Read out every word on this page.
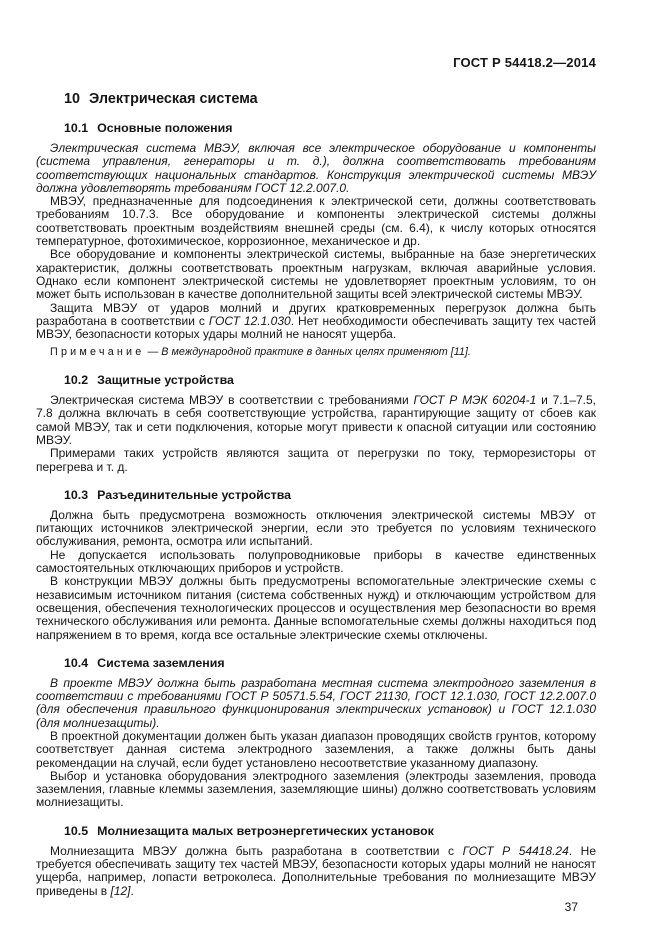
ГОСТ Р 54418.2—2014
10 Электрическая система
10.1 Основные положения

Электрическая система МВЭУ, включая все электрическое оборудование и компоненты (система управления, генераторы и т. д.), должна соответствовать требованиям соответствующих национальных стандартов. Конструкция электрической системы МВЭУ должна удовлетворять требованиям ГОСТ 12.2.007.0.

МВЭУ, предназначенные для подсоединения к электрической сети, должны соответствовать требованиям 10.7.3. Все оборудование и компоненты электрической системы должны соответствовать проектным воздействиям внешней среды (см. 6.4), к числу которых относятся температурное, фотохимическое, коррозионное, механическое и др.

Все оборудование и компоненты электрической системы, выбранные на базе энергетических характеристик, должны соответствовать проектным нагрузкам, включая аварийные условия. Однако если компонент электрической системы не удовлетворяет проектным условиям, то он может быть использован в качестве дополнительной защиты всей электрической системы МВЭУ.

Защита МВЭУ от ударов молний и других кратковременных перегрузок должна быть разработана в соответствии с ГОСТ 12.1.030. Нет необходимости обеспечивать защиту тех частей МВЭУ, безопасности которых удары молний не наносят ущерба.

Примечание — В международной практике в данных целях применяют [11].

10.2 Защитные устройства

Электрическая система МВЭУ в соответствии с требованиями ГОСТ Р МЭК 60204-1 и 7.1–7.5, 7.8 должна включать в себя соответствующие устройства, гарантирующие защиту от сбоев как самой МВЭУ, так и сети подключения, которые могут привести к опасной ситуации или состоянию МВЭУ.

Примерами таких устройств являются защита от перегрузки по току, терморезисторы от перегрева и т. д.

10.3 Разъединительные устройства

Должна быть предусмотрена возможность отключения электрической системы МВЭУ от питающих источников электрической энергии, если это требуется по условиям технического обслуживания, ремонта, осмотра или испытаний.

Не допускается использовать полупроводниковые приборы в качестве единственных самостоятельных отключающих приборов и устройств.

В конструкции МВЭУ должны быть предусмотрены вспомогательные электрические схемы с независимым источником питания (система собственных нужд) и отключающим устройством для освещения, обеспечения технологических процессов и осуществления мер безопасности во время технического обслуживания или ремонта. Данные вспомогательные схемы должны находиться под напряжением в то время, когда все остальные электрические схемы отключены.

10.4 Система заземления

В проекте МВЭУ должна быть разработана местная система электродного заземления в соответствии с требованиями ГОСТ Р 50571.5.54, ГОСТ 21130, ГОСТ 12.1.030, ГОСТ 12.2.007.0 (для обеспечения правильного функционирования электрических установок) и ГОСТ 12.1.030 (для молниезащиты).

В проектной документации должен быть указан диапазон проводящих свойств грунтов, которому соответствует данная система электродного заземления, а также должны быть даны рекомендации на случай, если будет установлено несоответствие указанному диапазону.

Выбор и установка оборудования электродного заземления (электроды заземления, провода заземления, главные клеммы заземления, заземляющие шины) должно соответствовать условиям молниезащиты.

10.5 Молниезащита малых ветроэнергетических установок

Молниезащита МВЭУ должна быть разработана в соответствии с ГОСТ Р 54418.24. Не требуется обеспечивать защиту тех частей МВЭУ, безопасности которых удары молний не наносят ущерба, например, лопасти ветроколеса. Дополнительные требования по молниезащите МВЭУ приведены в [12].

37
